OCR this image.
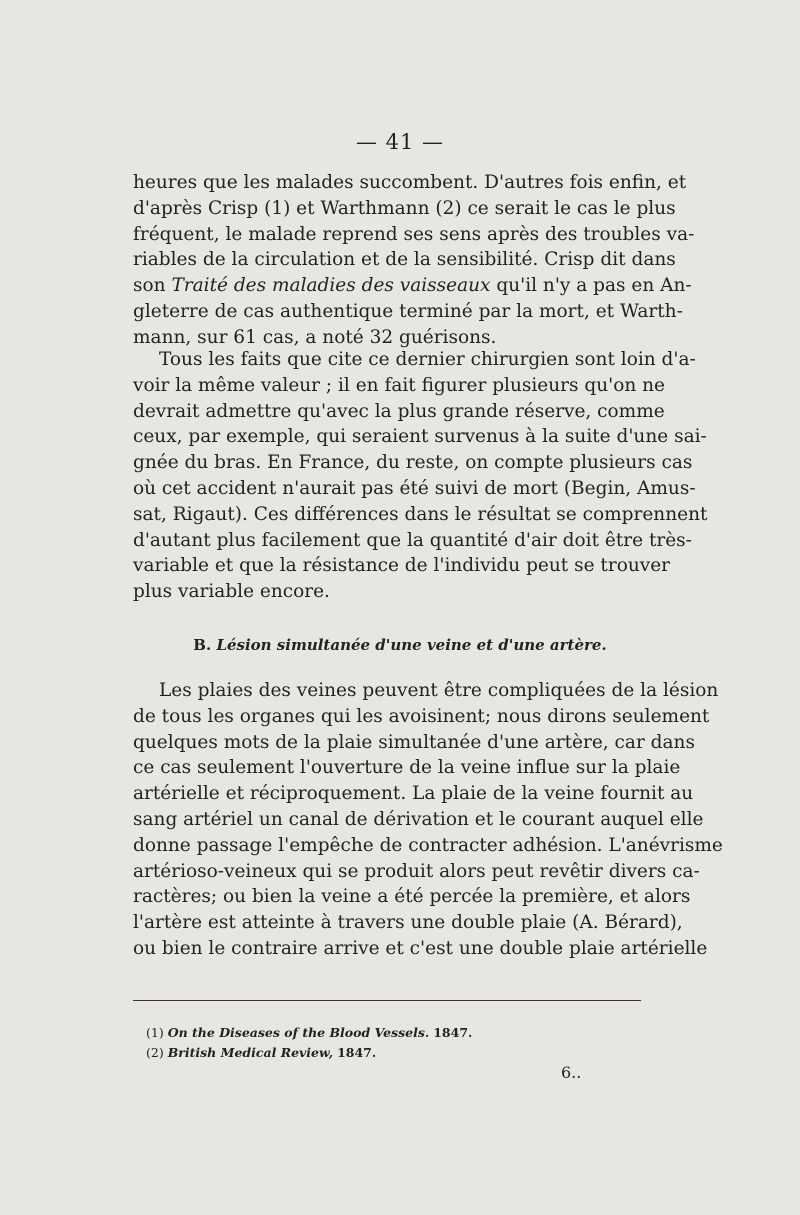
— 41 —
heures que les malades succombent. D'autres fois enfin, et
d'après Crisp (1) et Warthmann (2) ce serait le cas le plus
fréquent, le malade reprend ses sens après des troubles va-
riables de la circulation et de la sensibilité. Crisp dit dans
son Traité des maladies des vaisseaux qu'il n'y a pas en An-
gleterre de cas authentique terminé par la mort, et Warth-
mann, sur 61 cas, a noté 32 guérisons.
Tous les faits que cite ce dernier chirurgien sont loin d'a-
voir la même valeur ; il en fait figurer plusieurs qu'on ne
devrait admettre qu'avec la plus grande réserve, comme
ceux, par exemple, qui seraient survenus à la suite d'une sai-
gnée du bras. En France, du reste, on compte plusieurs cas
où cet accident n'aurait pas été suivi de mort (Begin, Amus-
sat, Rigaut). Ces différences dans le résultat se comprennent
d'autant plus facilement que la quantité d'air doit être très-
variable et que la résistance de l'individu peut se trouver
plus variable encore.
B. Lésion simultanée d'une veine et d'une artère.
Les plaies des veines peuvent être compliquées de la lésion
de tous les organes qui les avoisinent; nous dirons seulement
quelques mots de la plaie simultanée d'une artère, car dans
ce cas seulement l'ouverture de la veine influe sur la plaie
artérielle et réciproquement. La plaie de la veine fournit au
sang artériel un canal de dérivation et le courant auquel elle
donne passage l'empêche de contracter adhésion. L'anévrisme
artérioso-veineux qui se produit alors peut revêtir divers ca-
ractères; ou bien la veine a été percée la première, et alors
l'artère est atteinte à travers une double plaie (A. Bérard),
ou bien le contraire arrive et c'est une double plaie artérielle
(1) On the Diseases of the Blood Vessels. 1847.
(2) British Medical Review, 1847.
6..
